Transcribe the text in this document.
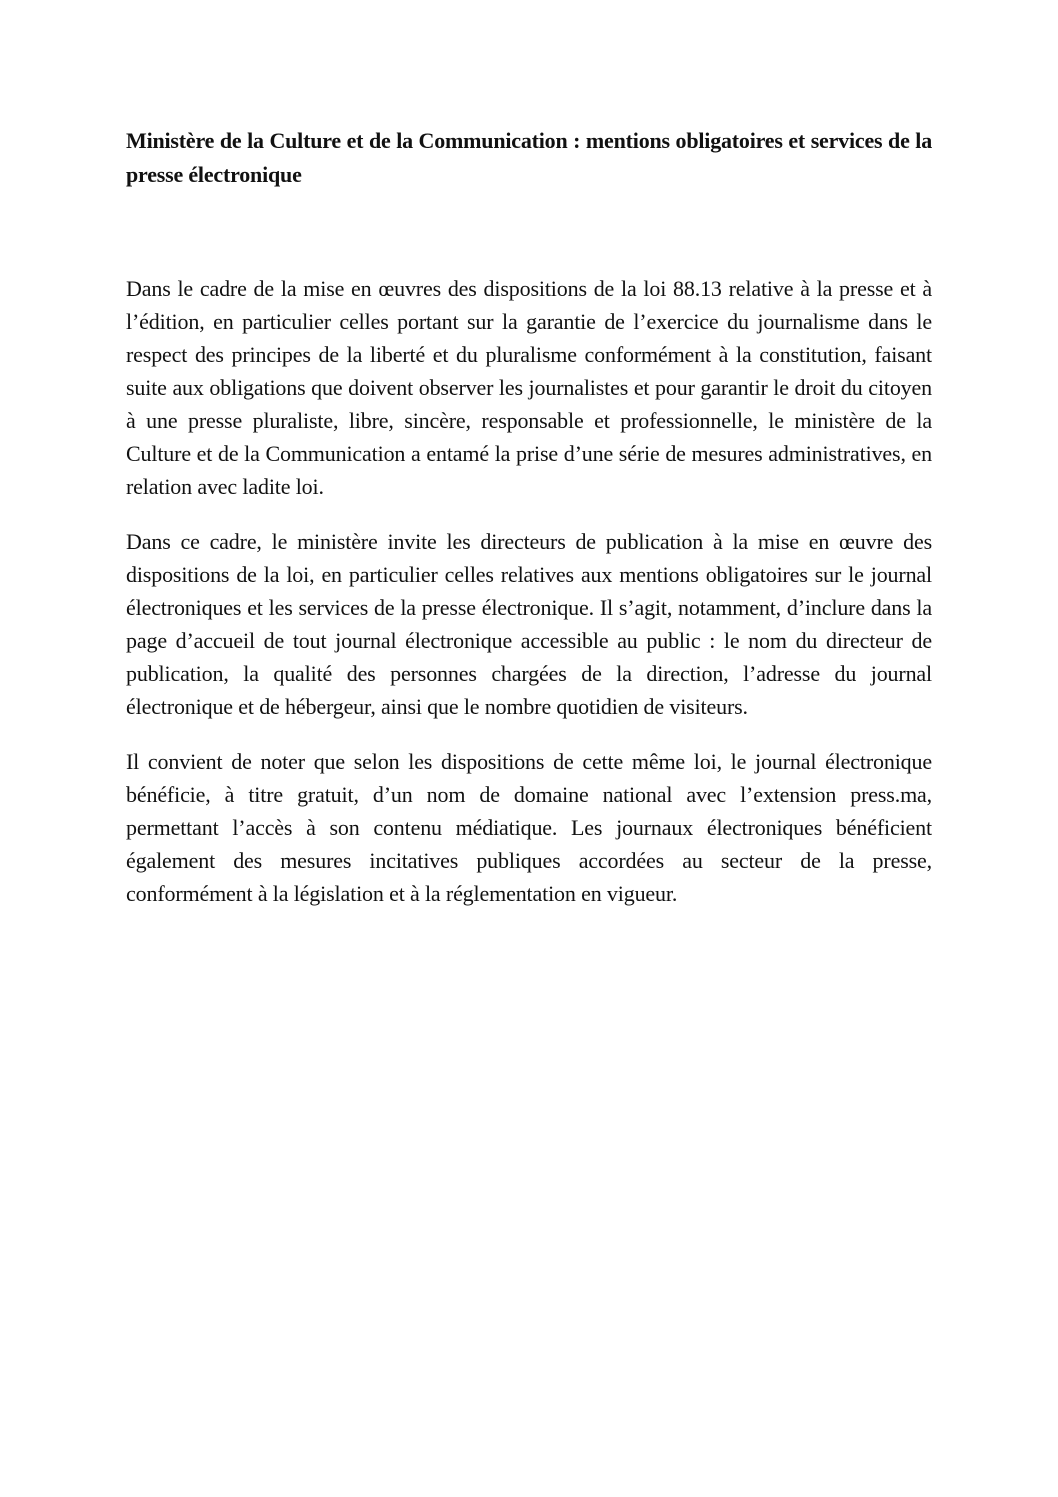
Ministère de la Culture et de la Communication : mentions obligatoires et services de la presse électronique

Dans le cadre de la mise en œuvres des dispositions de la loi 88.13 relative à la presse et à l’édition, en particulier celles portant sur la garantie de l’exercice du journalisme dans le respect des principes de la liberté et du pluralisme conformément à la constitution, faisant suite aux obligations que doivent observer les journalistes et pour garantir le droit du citoyen à une presse pluraliste, libre, sincère, responsable et professionnelle, le ministère de la Culture et de la Communication a entamé la prise d’une série de mesures administratives, en relation avec ladite loi.

Dans ce cadre, le ministère invite les directeurs de publication à la mise en œuvre des dispositions de la loi, en particulier celles relatives aux mentions obligatoires sur le journal électroniques et les services de la presse électronique. Il s’agit, notamment, d’inclure dans la page d’accueil de tout journal électronique accessible au public : le nom du directeur de publication, la qualité des personnes chargées de la direction, l’adresse du journal électronique et de hébergeur, ainsi que le nombre quotidien de visiteurs.

Il convient de noter que selon les dispositions de cette même loi, le journal électronique bénéficie, à titre gratuit, d’un nom de domaine national avec l’extension press.ma, permettant l’accès à son contenu médiatique. Les journaux électroniques bénéficient également des mesures incitatives publiques accordées au secteur de la presse, conformément à la législation et à la réglementation en vigueur.
